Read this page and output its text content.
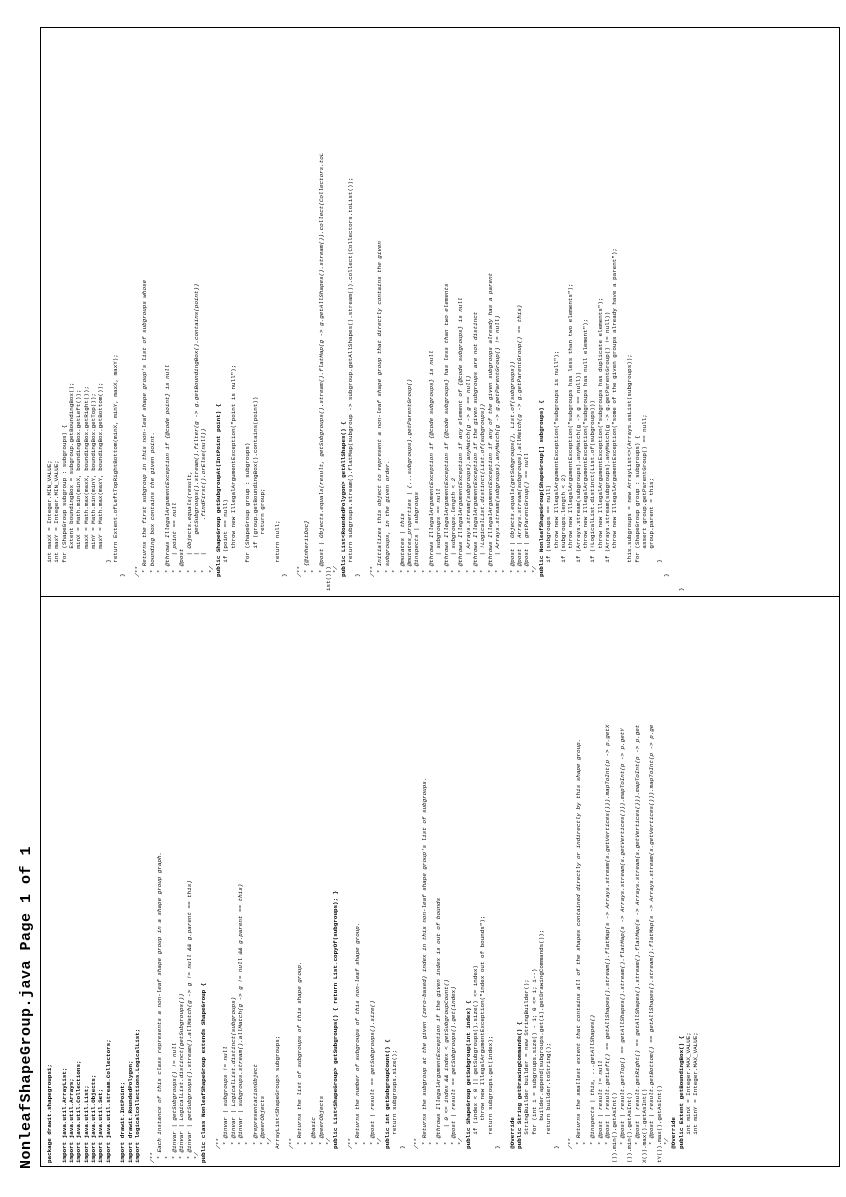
NonleafShapeGroup.java Page 1 of 1 package drawit.shapegroups1;
import java.util.ArrayList; import java.util.Arrays; import java.util.Collections; import java.util.List; import java.util.Objects; import java.util.Set; import java.util.stream.Collectors;
import drawit.IntPoint; import drawit.RoundedPolygon; import logicalcollections.LogicalList;
/** * Each instance of this class represents a non-leaf shape group in a shape group graph. * * @invar | getSubgroups() != null * @invar | LogicalList.distinct(getSubgroups()) * @invar | getSubgroups().stream().allMatch(g -> g != null && g.parent == this) */ public class NonleafShapeGroup extends ShapeGroup {
/** * @invar | subgroups != null * @invar | LogicalList.distinct(subgroups) * @invar | subgroups.stream().allMatch(g -> g != null && g.parent == this) * * @representationObject * @peerObjects */ ArrayList<ShapeGroup> subgroups;
/** * Returns the list of subgroups of this shape group. * * @basic * @peerObjects */ public List<ShapeGroup> getSubgroups() { return List.copyOf(subgroups); }
/** * Returns the number of subgroups of this non-leaf shape group. * * @post | result == getSubgroups().size() */ public int getSubgroupCount() { return subgroups.size(); }
/** * Returns the subgroup at the given (zero-based) index in this non-leaf shape group's list of subgroups. * * @throws IllegalArgumentException if the given index is out of bounds *    | 0 <= index && index < getSubgroupCount() * @post | result == getSubgroups().get(index) */ public ShapeGroup getSubgroup(int index) { if (index < 0 || getSubgroups().size() <= index) throw new IllegalArgumentException("index out of bounds"); return subgroups.get(index); }
@Override public String getDrawingCommands() { StringBuilder builder = new StringBuilder(); for (int i = subgroups.size() - 1; 0 <= i; i--) builder.append(subgroups.get(i).getDrawingCommands()); return builder.toString(); }
/** * Returns the smallest extent that contains all of the shapes contained directly or indirectly by this shape group. * * @inspects | this, ...getAllShapes() * @post | result != null * @post | result.getLeft() == getAllShapes().stream().flatMap(s -> Arrays.stream(s.getVertices())).mapToInt(p -> p.getX ()).min().getAsInt() * @post | result.getTop() == getAllShapes().stream().flatMap(s -> Arrays.stream(s.getVertices())).mapToInt(p -> p.getY ()).min().getAsInt() * @post | result.getRight() == getAllShapes().stream().flatMap(s -> Arrays.stream(s.getVertices())).mapToInt(p -> p.get X()).max().getAsInt() * @post | result.getBottom() == getAllShapes().stream().flatMap(s -> Arrays.stream(s.getVertices())).mapToInt(p -> p.ge tY()).max().getAsInt() */ @Override public Extent getBoundingBox() { int minX = Integer.MAX_VALUE; int minY = Integer.MAX_VALUE;
int maxX = Integer.MIN_VALUE; int maxY = Integer.MIN_VALUE; for (ShapeGroup subgroup : subgroups) { Extent boundingBox = subgroup.getBoundingBox(); minX = Math.min(minX, boundingBox.getLeft()); maxX = Math.max(maxX, boundingBox.getRight()); minY = Math.min(minY, boundingBox.getTop()); maxY = Math.max(maxY, boundingBox.getBottom()); } return Extent.ofLeftTopRightBottom(minX, minY, maxX, maxY); }
/** * Returns the first subgroup in this non-leaf shape group's list of subgroups whose * bounding box contains the given point. * * @throws IllegalArgumentException if {@code point} is null *    | point == null * @post *    | Objects.equals(result, *    |     getSubgroups().stream().filter(g -> g.getBoundingBox().contains(point)) *    |         .findFirst().orElse(null)) */ public ShapeGroup getSubgroupAt(IntPoint point) { if (point == null) throw new IllegalArgumentException("point is null");
for (ShapeGroup group : subgroups) if (group.getBoundingBox().contains(point)) return group;
return null; }
/** * {@inheritDoc} * * @post | Objects.equals(result, getSubgroups().stream().flatMap(g -> g.getAllShapes().stream()).collect(Collectors.toL ist())) */ public List<RoundedPolygon> getAllShapes() { return subgroups.stream().flatMap(subgroup -> subgroup.getAllShapes().stream()).collect(Collectors.toList()); }
/** * Initializes this object to represent a non-leaf shape group that directly contains the given * subgroups, in the given order. * * @mutates | this * @mutates_properties | (...subgroups).getParentGroup() * @inspects | subgroups * * @throws IllegalArgumentException if {@code subgroups} is null *    | subgroups == null * @throws IllegalArgumentException if {@code subgroups} has less than two elements *    | subgroups.length < 2 * @throws IllegalArgumentException if any element of {@code subgroups} is null *    | Arrays.stream(subgroups).anyMatch(g -> g == null) * @throws IllegalArgumentException if the given subgroups are not distinct *    | !LogicalList.distinct(List.of(subgroups)) * @throws IllegalArgumentException if any of the given subgroups already has a parent *    | Arrays.stream(subgroups).anyMatch(g -> g.getParentGroup() != null) * * @post | Objects.equals(getSubgroups(), List.of(subgroups)) * @post | Arrays.stream(subgroups).allMatch(g -> g.getParentGroup() == this) * @post | getParentGroup() == null */ public NonleafShapeGroup(ShapeGroup[] subgroups) { if (subgroups == null) throw new IllegalArgumentException("subgroups is null"); if (subgroups.length < 2) throw new IllegalArgumentException("subgroups has less than two elements"); if (Arrays.stream(subgroups).anyMatch(g -> g == null)) throw new IllegalArgumentException("subgroups has null element"); if (!LogicalList.distinct(List.of(subgroups))) throw new IllegalArgumentException("subgroups has duplicate elements"); if (Arrays.stream(subgroups).anyMatch(g -> g.getParentGroup() != null)) throw new IllegalArgumentException("some of the given groups already have a parent");
this.subgroups = new ArrayList<>(Arrays.asList(subgroups)); for (ShapeGroup group : subgroups) { assert group.getParentGroup() == null; group.parent = this; } }
}
